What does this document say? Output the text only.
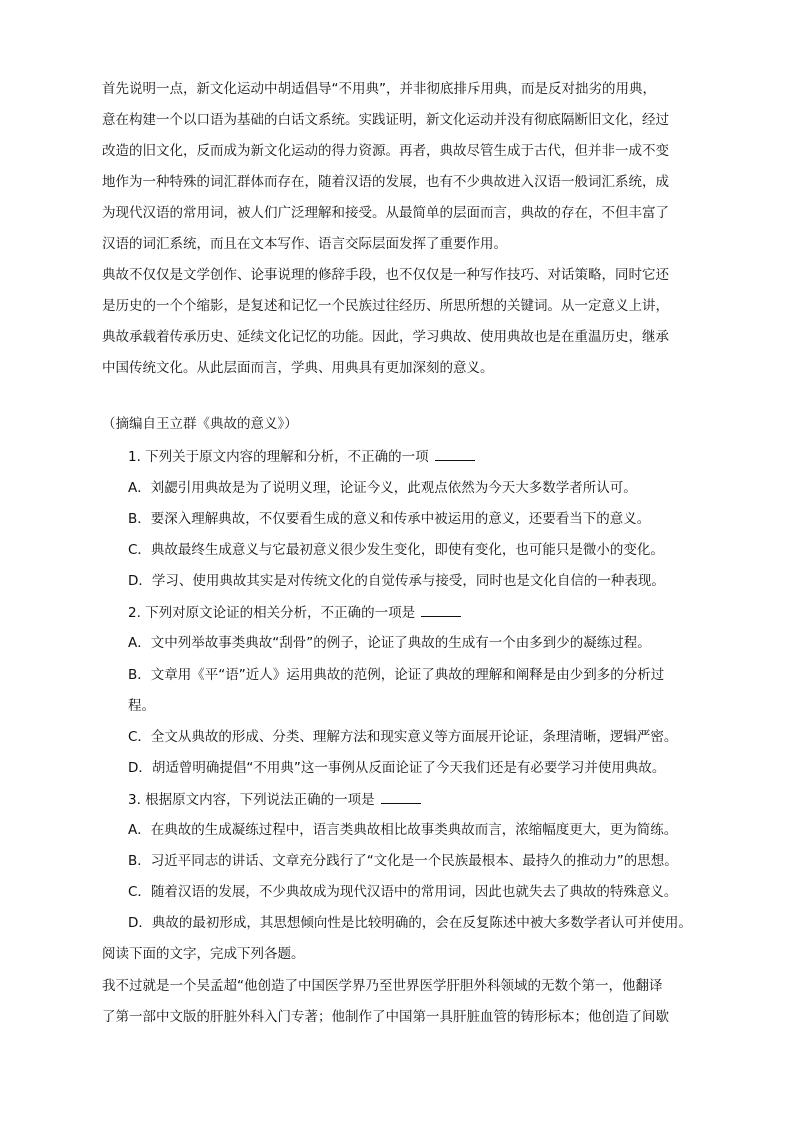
首先说明一点，新文化运动中胡适倡导“不用典”，并非彻底排斥用典，而是反对拙劣的用典，
意在构建一个以口语为基础的白话文系统。实践证明，新文化运动并没有彻底隔断旧文化，经过
改造的旧文化，反而成为新文化运动的得力资源。再者，典故尽管生成于古代，但并非一成不变
地作为一种特殊的词汇群体而存在，随着汉语的发展，也有不少典故进入汉语一般词汇系统，成
为现代汉语的常用词，被人们广泛理解和接受。从最简单的层面而言，典故的存在，不但丰富了
汉语的词汇系统，而且在文本写作、语言交际层面发挥了重要作用。
典故不仅仅是文学创作、论事说理的修辞手段，也不仅仅是一种写作技巧、对话策略，同时它还
是历史的一个个缩影，是复述和记忆一个民族过往经历、所思所想的关键词。从一定意义上讲，
典故承载着传承历史、延续文化记忆的功能。因此，学习典故、使用典故也是在重温历史，继承
中国传统文化。从此层面而言，学典、用典具有更加深刻的意义。
（摘编自王立群《典故的意义》）
1. 下列关于原文内容的理解和分析，不正确的一项
A．刘勰引用典故是为了说明义理，论证今义，此观点依然为今天大多数学者所认可。
B．要深入理解典故，不仅要看生成的意义和传承中被运用的意义，还要看当下的意义。
C．典故最终生成意义与它最初意义很少发生变化，即使有变化，也可能只是微小的变化。
D．学习、使用典故其实是对传统文化的自觉传承与接受，同时也是文化自信的一种表现。
2. 下列对原文论证的相关分析，不正确的一项是
A．文中列举故事类典故“刮骨”的例子，论证了典故的生成有一个由多到少的凝练过程。
B．文章用《平“语”近人》运用典故的范例，论证了典故的理解和阐释是由少到多的分析过
程。
C．全文从典故的形成、分类、理解方法和现实意义等方面展开论证，条理清晰，逻辑严密。
D．胡适曾明确提倡“不用典”这一事例从反面论证了今天我们还是有必要学习并使用典故。
3. 根据原文内容，下列说法正确的一项是
A．在典故的生成凝练过程中，语言类典故相比故事类典故而言，浓缩幅度更大，更为简练。
B．习近平同志的讲话、文章充分践行了“文化是一个民族最根本、最持久的推动力”的思想。
C．随着汉语的发展，不少典故成为现代汉语中的常用词，因此也就失去了典故的特殊意义。
D．典故的最初形成，其思想倾向性是比较明确的，会在反复陈述中被大多数学者认可并使用。
阅读下面的文字，完成下列各题。
我不过就是一个吴孟超“他创造了中国医学界乃至世界医学肝胆外科领域的无数个第一，他翻译
了第一部中文版的肝脏外科入门专著；他制作了中国第一具肝脏血管的铸形标本；他创造了间歇
